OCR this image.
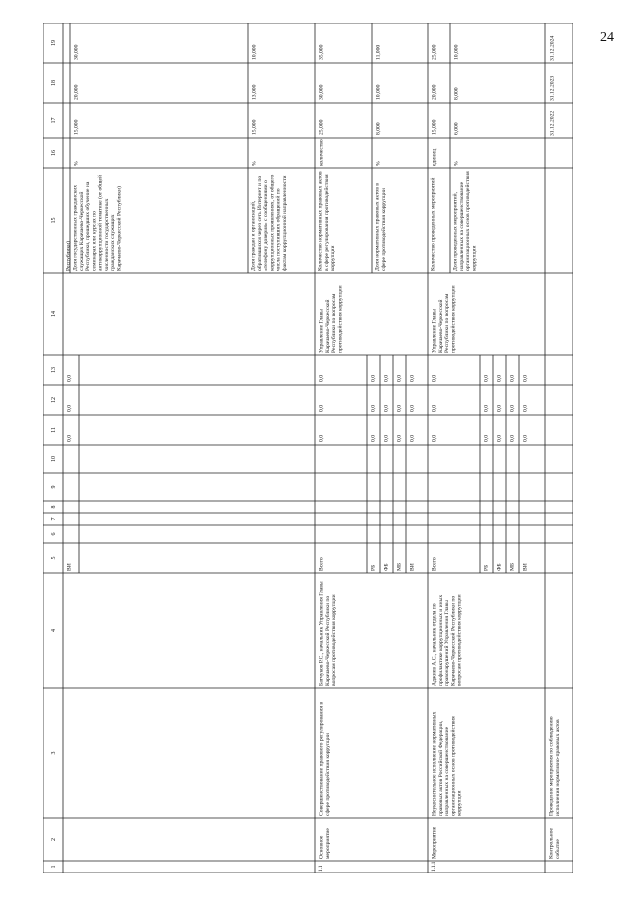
24
1
2
3
4
5
6
7
8
9
10
11
12
13
14
15
16
17
18
19
ВИ
0,0
0,0
0,0
Республики) Доля государственных гражданскихслужащих Карачаево-ЧеркесскойРеспублики, прошедших обучение насеминарах или курсах поантикоррупционной тематике (от общейчисленности государственныхгражданских служащихКарачаево-Черкесской Республики)
%
15,000
20,000
30,000
Доля граждан и организаций,обратившихся через сеть Интернет и по«телефону доверия» с сообщениями окоррупционных проявлениях, от общегочисла поступивших обращений пофактам коррупционной направленности
%
15,000
13,000
10,000
1.1
Основноемероприятие
Совершенствование правового регулирования всфере противодействия коррупции
Батчуков Р.С., начальник Управления ГлавыКарачаево-Черкесской Республики повопросам противодействия коррупции
Управление ГлавыКарачаево-ЧеркесскойРеспублики по вопросампротиводействия коррупции
Всего
0,0
0,0
0,0
РБ
0,0
0,0
0,0
ФБ
0,0
0,0
0,0
МБ
0,0
0,0
0,0
ВИ
0,0
0,0
0,0
Количество нормативных правовых актовв сфере регулирования противодействиякоррупции
количество
25,000
30,000
35,000
Доля нормативных правовых актов всфере противодействия коррупции
%
8,000
10,000
11,000
1.1.1
Мероприятие
Неукоснительное исполнение нормативныхправовых актов Российской Федерации,направленных на совершенствованиеорганизационных основ противодействиякоррупции
Аджиев А.С., начальник отдела попрофилактике коррупционных и иныхправонарушений Управления ГлавыКарачаево-Черкесской Республики повопросам противодействия коррупции
Управление ГлавыКарачаево-ЧеркесскойРеспублики по вопросампротиводействия коррупции
Всего
0,0
0,0
0,0
РБ
0,0
0,0
0,0
ФБ
0,0
0,0
0,0
МБ
0,0
0,0
0,0
ВИ
0,0
0,0
0,0
Количество проведенных мероприятий
единиц
15,000
20,000
25,000
Доля проведенных мероприятий,направленных на совершенствованиеорганизационных основ противодействиякоррупции
%
6,000
8,000
10,000
Контрольноесобытие
Проведение мероприятия по соблюдениюисполнения нормативно-правовых актов
31.12.2022
31.12.2023
31.12.2024
